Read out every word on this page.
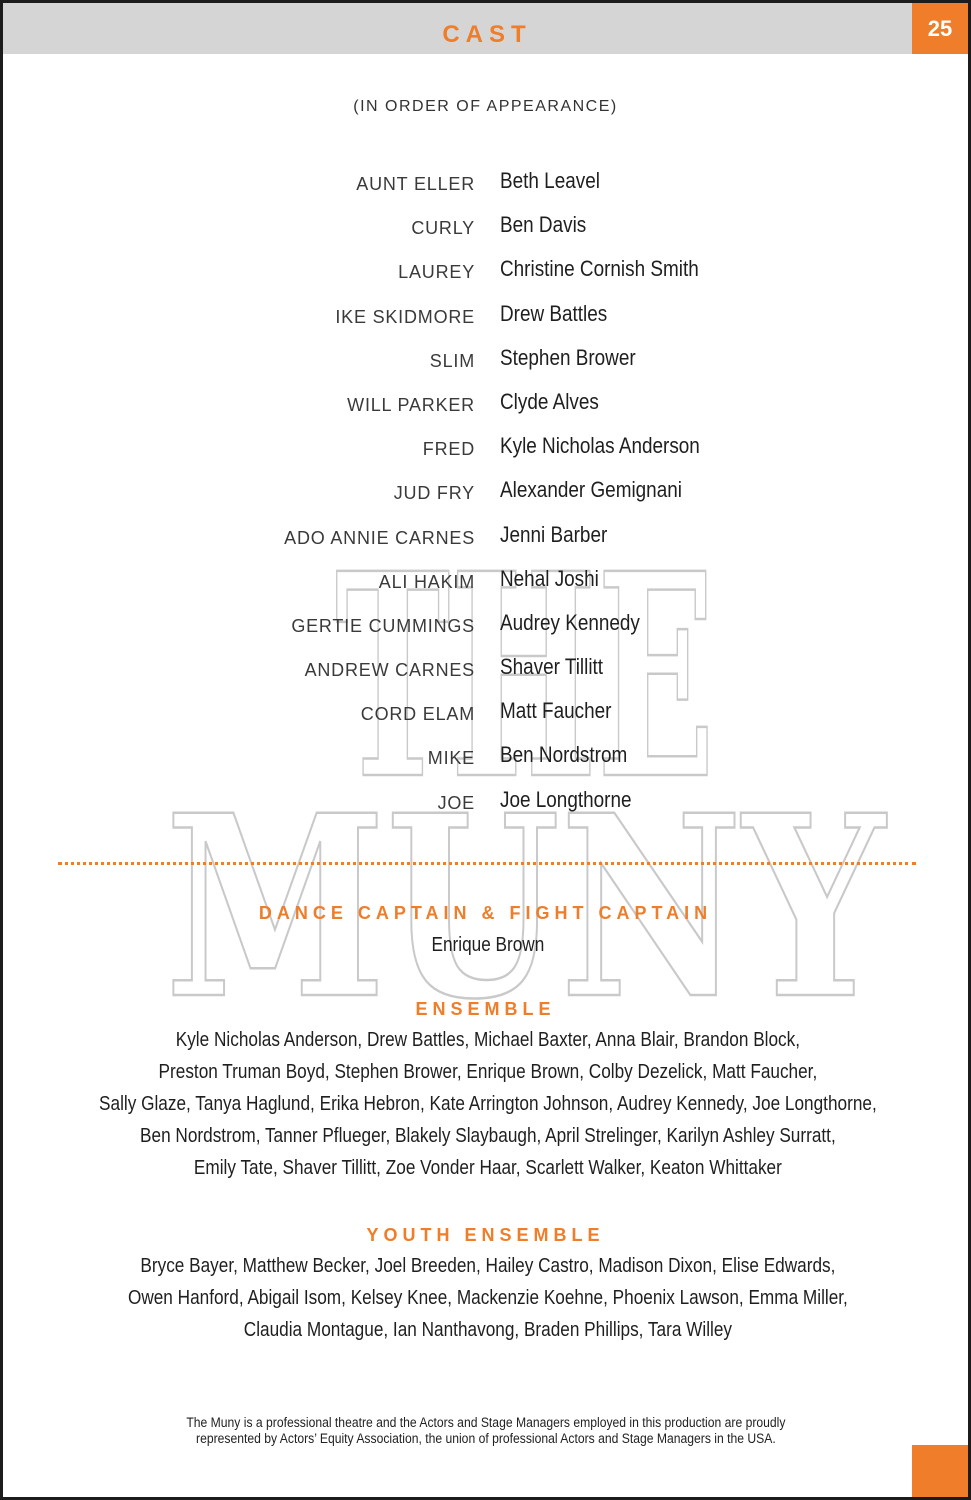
CAST	25
THE
MUNY
(IN ORDER OF APPEARANCE)
AUNT ELLER Beth Leavel
CURLY Ben Davis
LAUREY Christine Cornish Smith
IKE SKIDMORE Drew Battles
SLIM Stephen Brower
WILL PARKER Clyde Alves
FRED Kyle Nicholas Anderson
JUD FRY Alexander Gemignani
ADO ANNIE CARNES Jenni Barber
ALI HAKIM Nehal Joshi
GERTIE CUMMINGS Audrey Kennedy
ANDREW CARNES Shaver Tillitt
CORD ELAM Matt Faucher
MIKE Ben Nordstrom
JOE Joe Longthorne
DANCE CAPTAIN & FIGHT CAPTAIN
Enrique Brown
ENSEMBLE
Kyle Nicholas Anderson, Drew Battles, Michael Baxter, Anna Blair, Brandon Block,
Preston Truman Boyd, Stephen Brower, Enrique Brown, Colby Dezelick, Matt Faucher,
Sally Glaze, Tanya Haglund, Erika Hebron, Kate Arrington Johnson, Audrey Kennedy, Joe Longthorne,
Ben Nordstrom, Tanner Pflueger, Blakely Slaybaugh, April Strelinger, Karilyn Ashley Surratt,
Emily Tate, Shaver Tillitt, Zoe Vonder Haar, Scarlett Walker, Keaton Whittaker
YOUTH ENSEMBLE
Bryce Bayer, Matthew Becker, Joel Breeden, Hailey Castro, Madison Dixon, Elise Edwards,
Owen Hanford, Abigail Isom, Kelsey Knee, Mackenzie Koehne, Phoenix Lawson, Emma Miller,
Claudia Montague, Ian Nanthavong, Braden Phillips, Tara Willey
The Muny is a professional theatre and the Actors and Stage Managers employed in this production are proudly
represented by Actors’ Equity Association, the union of professional Actors and Stage Managers in the USA.
